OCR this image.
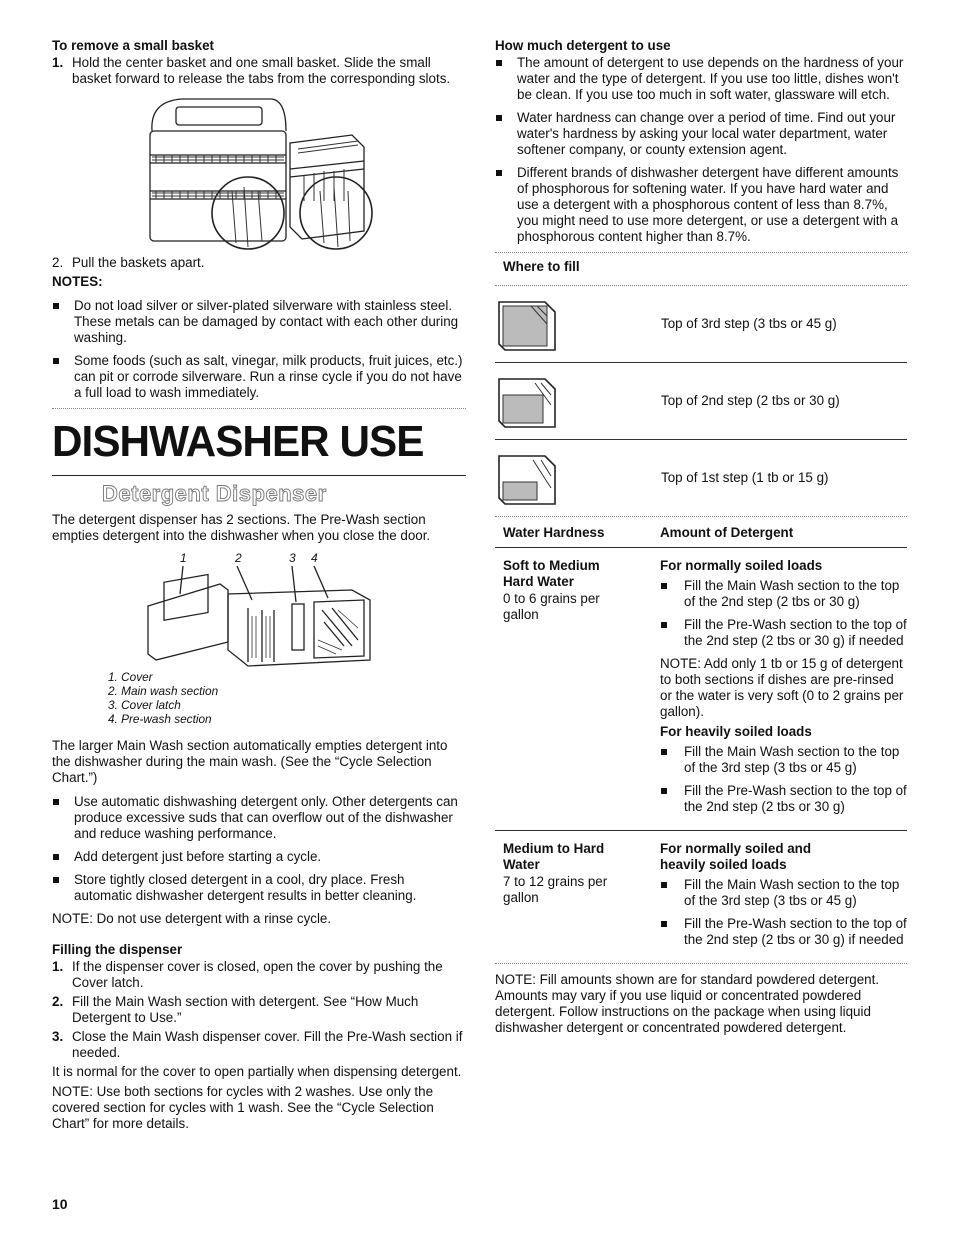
To remove a small basket
1. Hold the center basket and one small basket. Slide the small basket forward to release the tabs from the corresponding slots.
2. Pull the baskets apart.
NOTES:
Do not load silver or silver-plated silverware with stainless steel. These metals can be damaged by contact with each other during washing.
Some foods (such as salt, vinegar, milk products, fruit juices, etc.) can pit or corrode silverware. Run a rinse cycle if you do not have a full load to wash immediately.
DISHWASHER USE
Detergent Dispenser

The detergent dispenser has 2 sections. The Pre-Wash section empties detergent into the dishwasher when you close the door.

1	2	3 4
1. Cover
2. Main wash section
3. Cover latch
4. Pre-wash section

The larger Main Wash section automatically empties detergent into the dishwasher during the main wash. (See the “Cycle Selection Chart.”)

Use automatic dishwashing detergent only. Other detergents can produce excessive suds that can overflow out of the dishwasher and reduce washing performance.
Add detergent just before starting a cycle.
Store tightly closed detergent in a cool, dry place. Fresh automatic dishwasher detergent results in better cleaning.

NOTE: Do not use detergent with a rinse cycle.

Filling the dispenser
1. If the dispenser cover is closed, open the cover by pushing the Cover latch.
2. Fill the Main Wash section with detergent. See “How Much Detergent to Use.”
3. Close the Main Wash dispenser cover. Fill the Pre-Wash section if needed.

It is normal for the cover to open partially when dispensing detergent.

NOTE: Use both sections for cycles with 2 washes. Use only the covered section for cycles with 1 wash. See the “Cycle Selection Chart” for more details.

How much detergent to use
The amount of detergent to use depends on the hardness of your water and the type of detergent. If you use too little, dishes won't be clean. If you use too much in soft water, glassware will etch.
Water hardness can change over a period of time. Find out your water's hardness by asking your local water department, water softener company, or county extension agent.
Different brands of dishwasher detergent have different amounts of phosphorous for softening water. If you have hard water and use a detergent with a phosphorous content of less than 8.7%, you might need to use more detergent, or use a detergent with a phosphorous content higher than 8.7%.
Where to fill
Top of 3rd step (3 tbs or 45 g)
Top of 2nd step (2 tbs or 30 g)
Top of 1st step (1 tb or 15 g)
Water Hardness	Amount of Detergent
Soft to Medium Hard Water

0 to 6 grains per gallon

For normally soiled loads
Fill the Main Wash section to the top of the 2nd step (2 tbs or 30 g)
Fill the Pre-Wash section to the top of the 2nd step (2 tbs or 30 g) if needed

NOTE: Add only 1 tb or 15 g of detergent to both sections if dishes are pre-rinsed or the water is very soft (0 to 2 grains per gallon).

For heavily soiled loads
Fill the Main Wash section to the top of the 3rd step (3 tbs or 45 g)
Fill the Pre-Wash section to the top of the 2nd step (2 tbs or 30 g)
Medium to Hard Water

7 to 12 grains per gallon

For normally soiled and heavily soiled loads
Fill the Main Wash section to the top of the 3rd step (3 tbs or 45 g)
Fill the Pre-Wash section to the top of the 2nd step (2 tbs or 30 g) if needed

NOTE: Fill amounts shown are for standard powdered detergent. Amounts may vary if you use liquid or concentrated powdered detergent. Follow instructions on the package when using liquid dishwasher detergent or concentrated powdered detergent.

10
